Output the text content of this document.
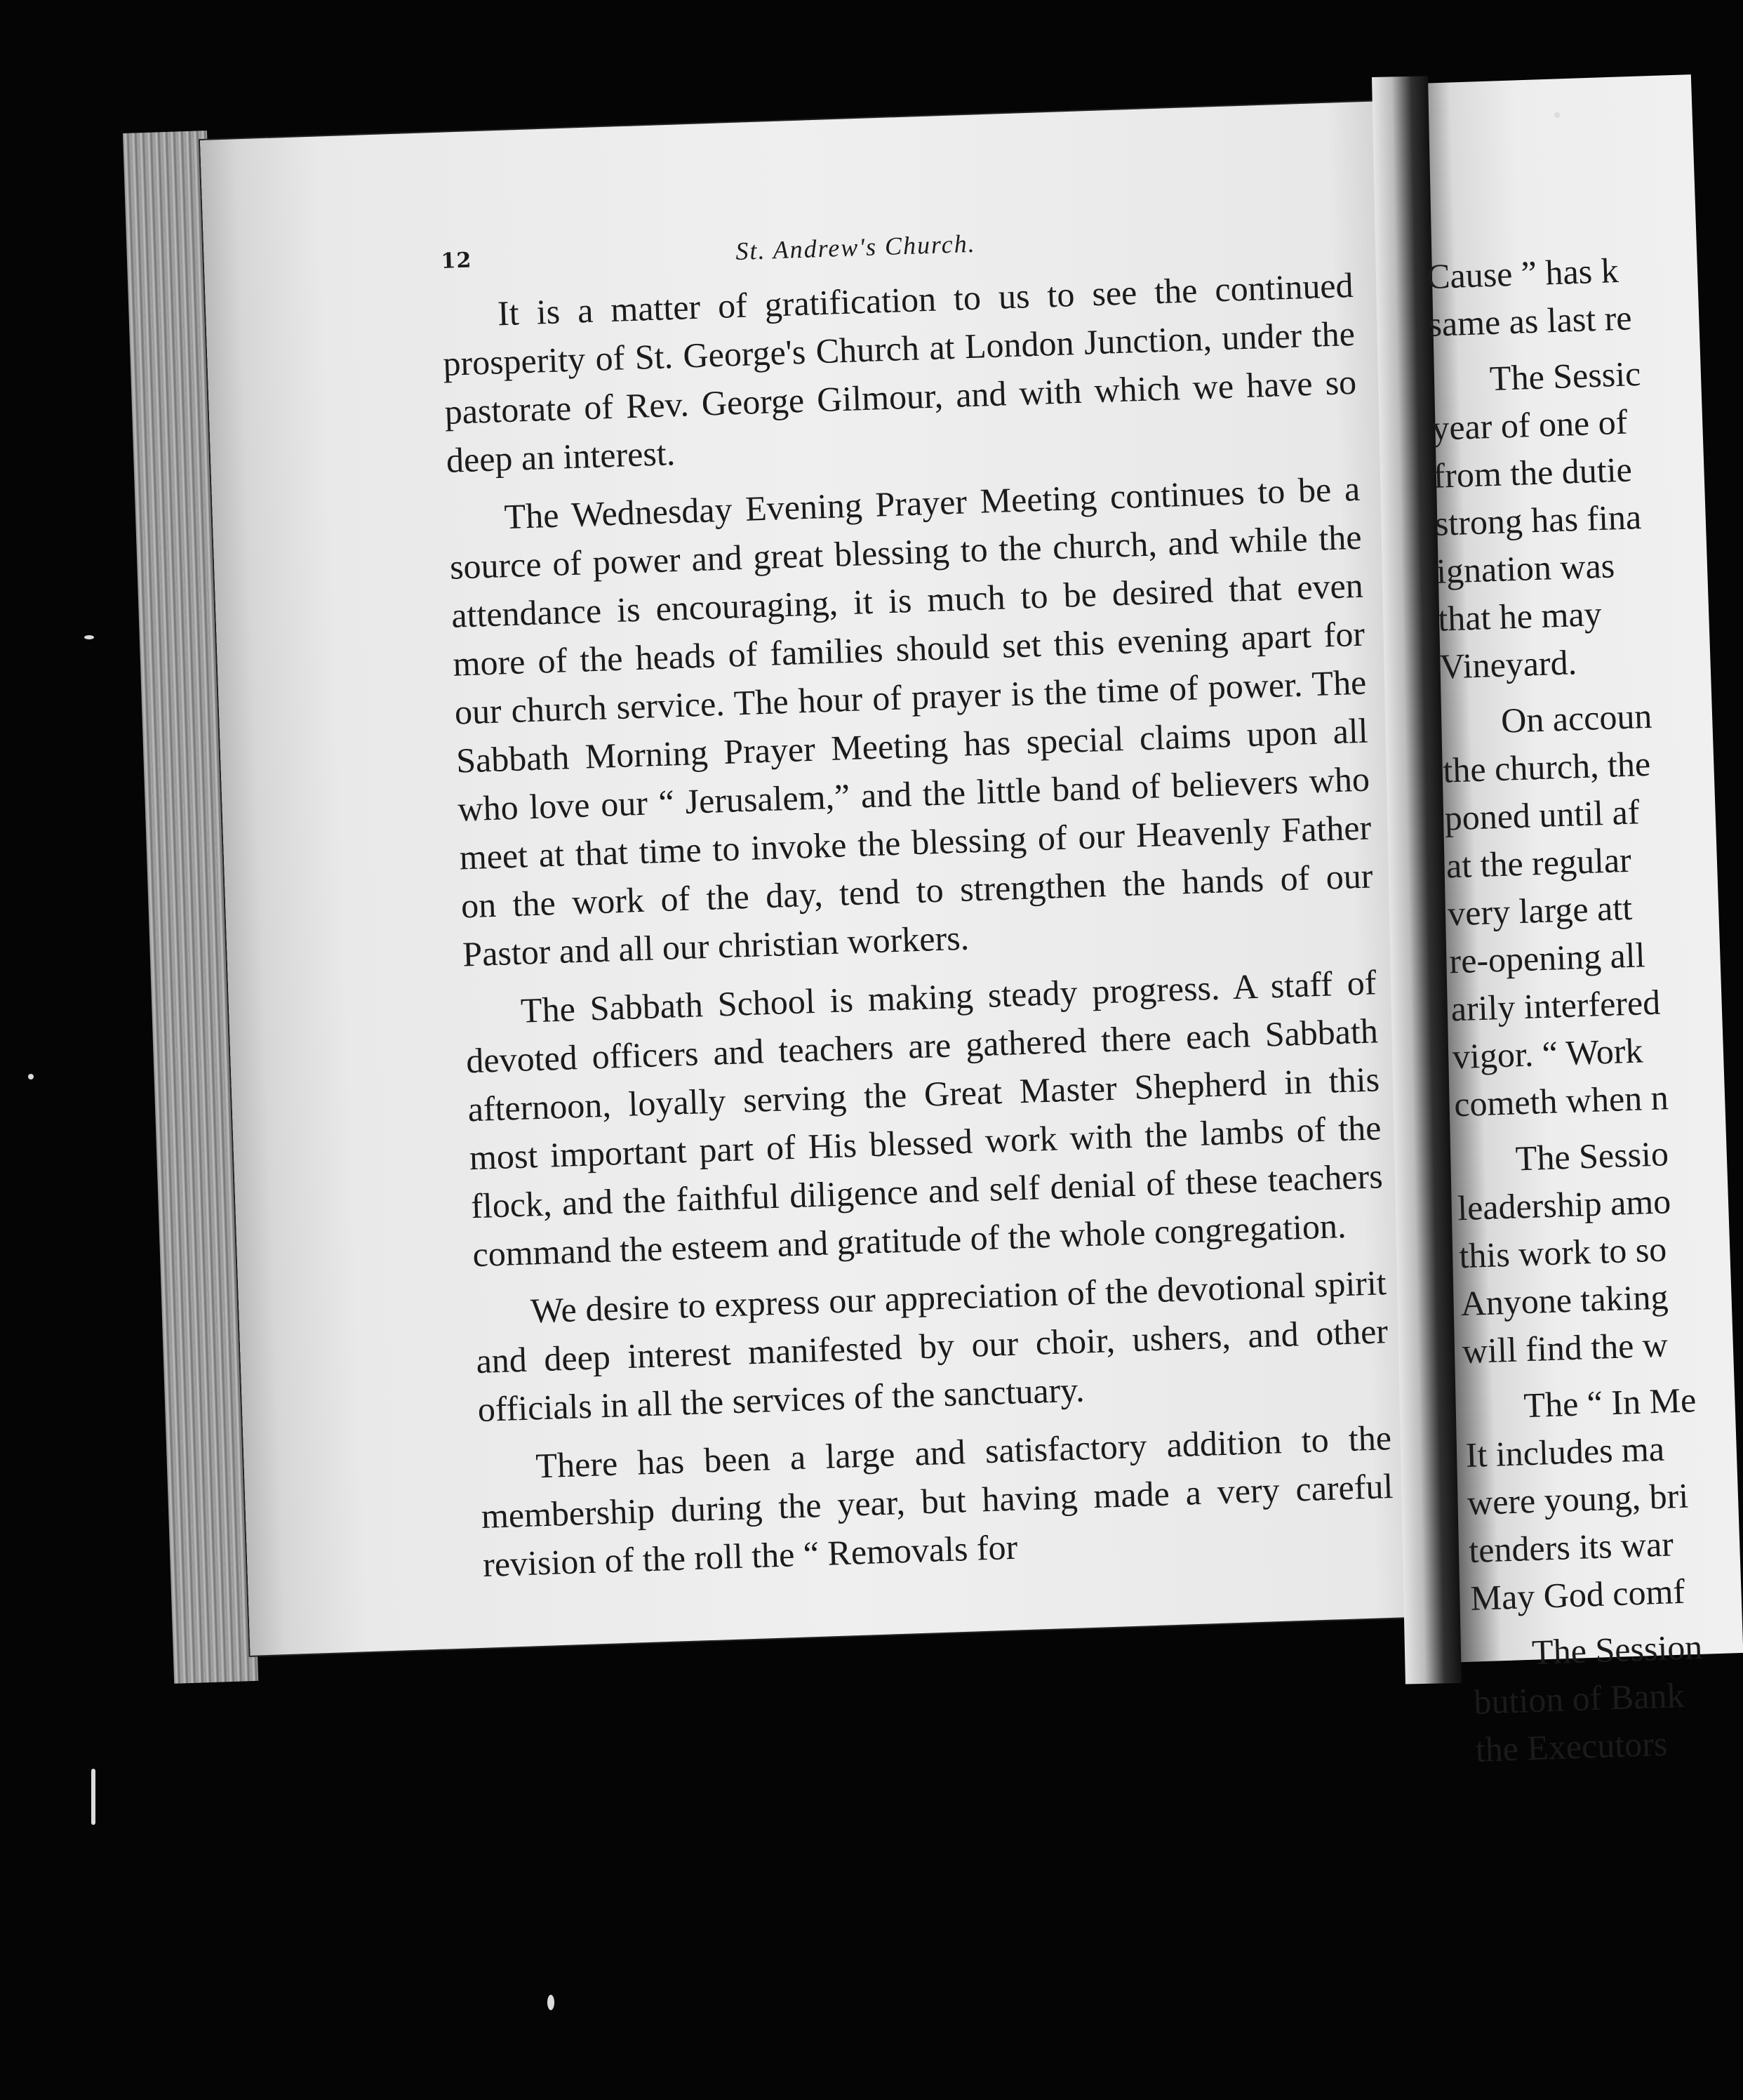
12	St. Andrew's Church.

It is a matter of gratification to us to see the continued prosperity of St. George's Church at London Junction, under the pastorate of Rev. George Gilmour, and with which we have so deep an interest.

The Wednesday Evening Prayer Meeting continues to be a source of power and great blessing to the church, and while the attendance is encouraging, it is much to be desired that even more of the heads of families should set this evening apart for our church service. The hour of prayer is the time of power. The Sabbath Morning Prayer Meeting has special claims upon all who love our “ Jerusalem,” and the little band of believers who meet at that time to invoke the blessing of our Heavenly Father on the work of the day, tend to strengthen the hands of our Pastor and all our christian workers.

The Sabbath School is making steady progress. A staff of devoted officers and teachers are gathered there each Sabbath afternoon, loyally serving the Great Master Shepherd in this most important part of His blessed work with the lambs of the flock, and the faithful diligence and self denial of these teachers command the esteem and gratitude of the whole congregation.

We desire to express our appreciation of the devotional spirit and deep interest manifested by our choir, ushers, and other officials in all the services of the sanctuary.

There has been a large and satisfactory addition to the membership during the year, but having made a very careful revision of the roll the “ Removals for

Cause ” has k
same as last re
The Sessic
year of one of
from the dutie
strong has fina
ignation was
that he may
Vineyard.
On accoun
the church, the
poned until af
at the regular
very large att
re-opening all
arily interfered
vigor. “ Work
cometh when n
The Sessio
leadership amo
this work to so
Anyone taking
will find the w
The “ In Me
It includes ma
were young, bri
tenders its war
May God comf
The Session
bution of Bank
the Executors
